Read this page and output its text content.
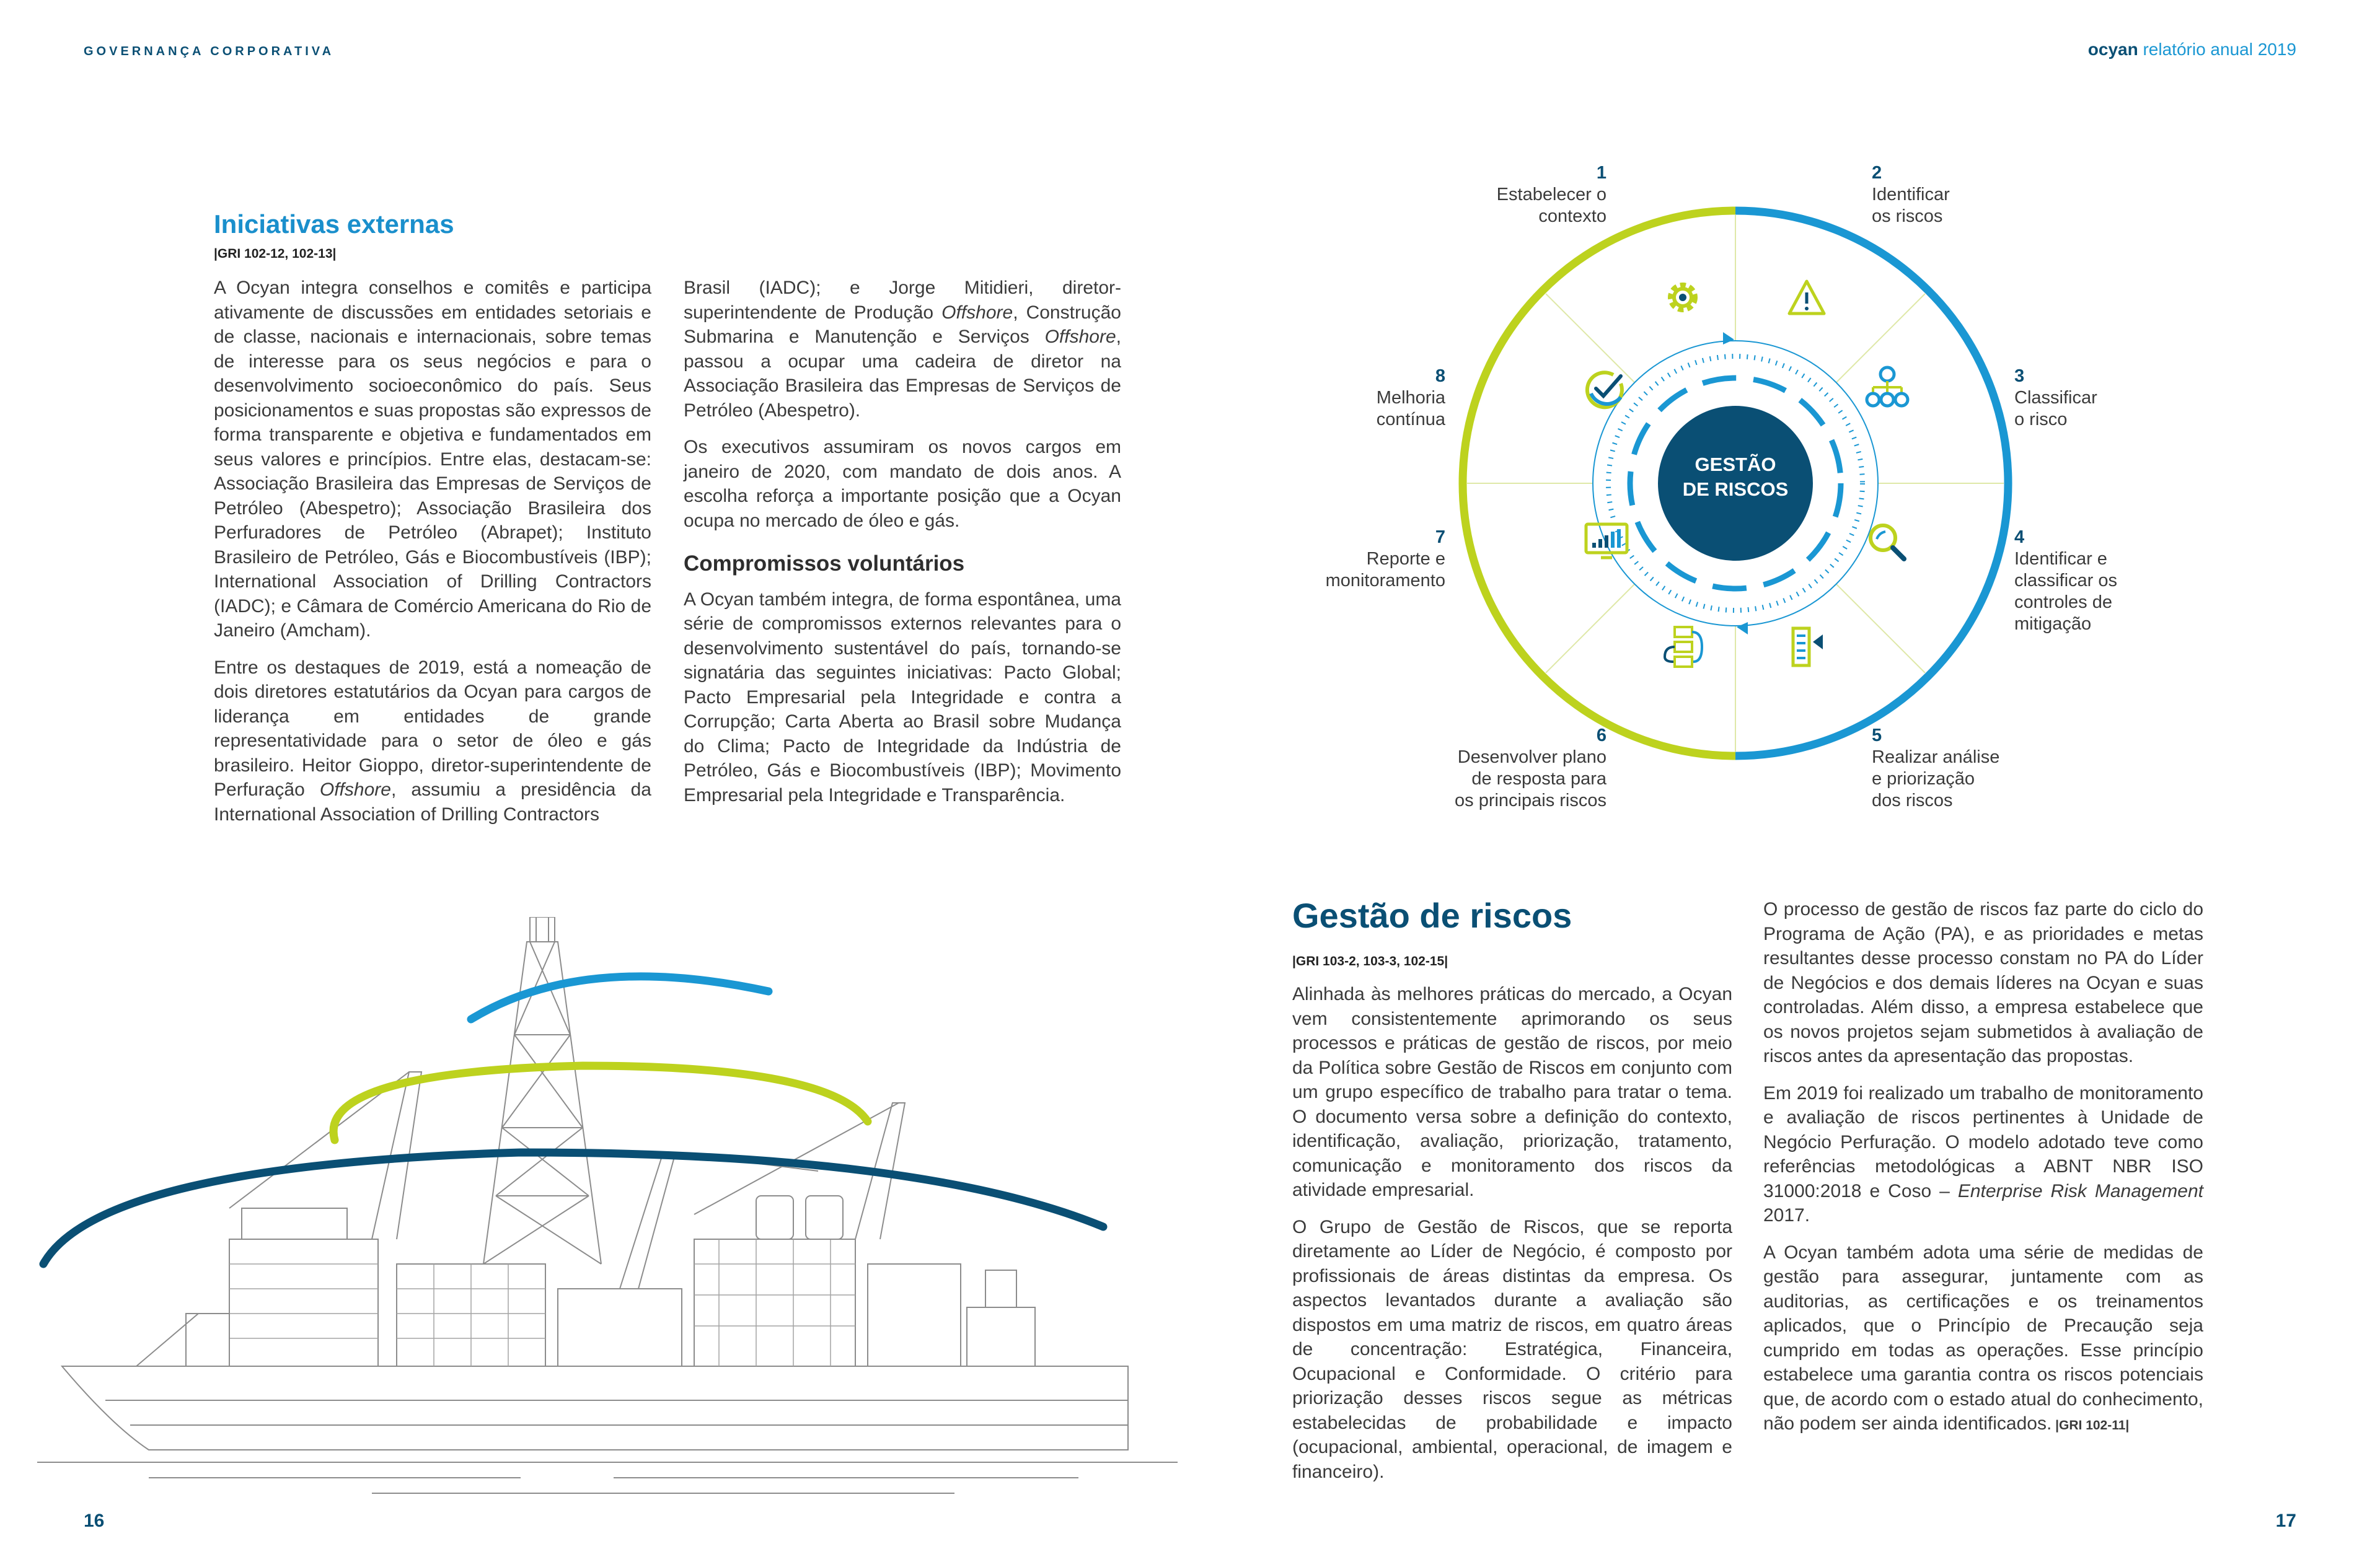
GOVERNANÇA CORPORATIVA	ocyan relatório anual 2019
Iniciativas externas
|GRI 102-12, 102-13|

A Ocyan integra conselhos e comitês e participa ativamente de discussões em entidades setoriais e de classe, nacionais e internacionais, sobre temas de interesse para os seus negócios e para o desenvolvimento socioeconômico do país. Seus posicionamentos e suas propostas são expressos de forma transparente e objetiva e fundamentados em seus valores e princípios. Entre elas, destacam-se: Associação Brasileira das Empresas de Serviços de Petróleo (Abespetro); Associação Brasileira dos Perfuradores de Petróleo (Abrapet); Instituto Brasileiro de Petróleo, Gás e Biocombustíveis (IBP); International Association of Drilling Contractors (IADC); e Câmara de Comércio Americana do Rio de Janeiro (Amcham).

Entre os destaques de 2019, está a nomeação de dois diretores estatutários da Ocyan para cargos de liderança em entidades de grande representatividade para o setor de óleo e gás brasileiro. Heitor Gioppo, diretor-superintendente de Perfuração Offshore, assumiu a presidência da International Association of Drilling Contractors

Brasil (IADC); e Jorge Mitidieri, diretor-superintendente de Produção Offshore, Construção Submarina e Manutenção e Serviços Offshore, passou a ocupar uma cadeira de diretor na Associação Brasileira das Empresas de Serviços de Petróleo (Abespetro).

Os executivos assumiram os novos cargos em janeiro de 2020, com mandato de dois anos. A escolha reforça a importante posição que a Ocyan ocupa no mercado de óleo e gás.

Compromissos voluntários

A Ocyan também integra, de forma espontânea, uma série de compromissos externos relevantes para o desenvolvimento sustentável do país, tornando-se signatária das seguintes iniciativas: Pacto Global; Pacto Empresarial pela Integridade e contra a Corrupção; Carta Aberta ao Brasil sobre Mudança do Clima; Pacto de Integridade da Indústria de Petróleo, Gás e Biocombustíveis (IBP); Movimento Empresarial pela Integridade e Transparência.

16
GESTÃO
DE RISCOS
1
Estabelecer o
contexto
2
Identificar
os riscos
3
Classificar
o risco
4
Identificar e
classificar os
controles de
mitigação
5
Realizar análise
e priorização
dos riscos
6
Desenvolver plano
de resposta para
os principais riscos
7
Reporte e
monitoramento
8
Melhoria
contínua
Gestão de riscos
|GRI 103-2, 103-3, 102-15|

Alinhada às melhores práticas do mercado, a Ocyan vem consistentemente aprimorando os seus processos e práticas de gestão de riscos, por meio da Política sobre Gestão de Riscos em conjunto com um grupo específico de trabalho para tratar o tema. O documento versa sobre a definição do contexto, identificação, avaliação, priorização, tratamento, comunicação e monitoramento dos riscos da atividade empresarial.

O Grupo de Gestão de Riscos, que se reporta diretamente ao Líder de Negócio, é composto por profissionais de áreas distintas da empresa. Os aspectos levantados durante a avaliação são dispostos em uma matriz de riscos, em quatro áreas de concentração: Estratégica, Financeira, Ocupacional e Conformidade. O critério para priorização desses riscos segue as métricas estabelecidas de probabilidade e impacto (ocupacional, ambiental, operacional, de imagem e financeiro).

O processo de gestão de riscos faz parte do ciclo do Programa de Ação (PA), e as prioridades e metas resultantes desse processo constam no PA do Líder de Negócios e dos demais líderes na Ocyan e suas controladas. Além disso, a empresa estabelece que os novos projetos sejam submetidos à avaliação de riscos antes da apresentação das propostas.

Em 2019 foi realizado um trabalho de monitoramento e avaliação de riscos pertinentes à Unidade de Negócio Perfuração. O modelo adotado teve como referências metodológicas a ABNT NBR ISO 31000:2018 e Coso – Enterprise Risk Management 2017.

A Ocyan também adota uma série de medidas de gestão para assegurar, juntamente com as auditorias, as certificações e os treinamentos aplicados, que o Princípio de Precaução seja cumprido em todas as operações. Esse princípio estabelece uma garantia contra os riscos potenciais que, de acordo com o estado atual do conhecimento, não podem ser ainda identificados. |GRI 102-11|

17
